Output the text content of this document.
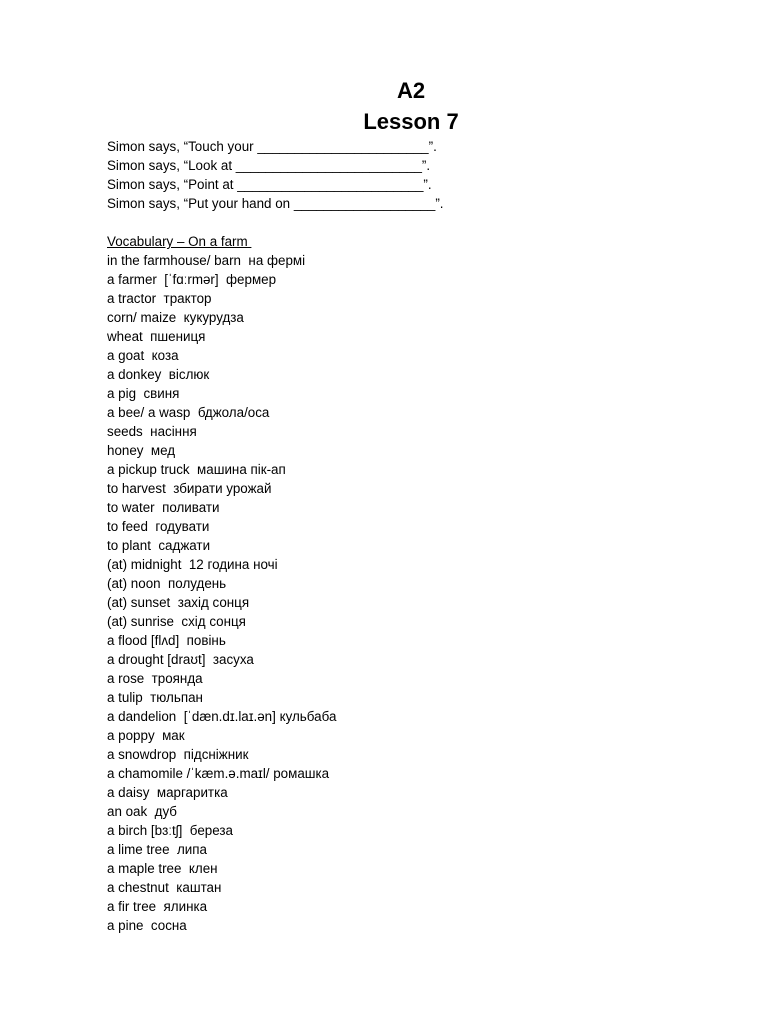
A2
Lesson 7
Simon says, “Touch your _______________________”.
Simon says, “Look at _________________________”.
Simon says, “Point at _________________________”.
Simon says, “Put your hand on ___________________”.
Vocabulary – On a farm
in the farmhouse/ barn  на фермі
a farmer  [ˈfɑːrmər]  фермер
a tractor  трактор
corn/ maize  кукурудза
wheat  пшениця
a goat  коза
a donkey  віслюк
a pig  свиня
a bee/ a wasp  бджола/оса
seeds  насіння
honey  мед
a pickup truck  машина пік-ап
to harvest  збирати урожай
to water  поливати
to feed  годувати
to plant  саджати
(at) midnight  12 година ночі
(at) noon  полудень
(at) sunset  захід сонця
(at) sunrise  схід сонця
a flood [flʌd]  повінь
a drought [draʊt]  засуха
a rose  троянда
a tulip  тюльпан
a dandelion  [ˈdæn.dɪ.laɪ.ən] кульбаба
a poppy  мак
a snowdrop  підсніжник
a chamomile /ˈkæm.ə.maɪl/ ромашка
a daisy  маргаритка
an oak  дуб
a birch [bɜːtʃ]  береза
a lime tree  липа
a maple tree  клен
a chestnut  каштан
a fir tree  ялинка
a pine  сосна
